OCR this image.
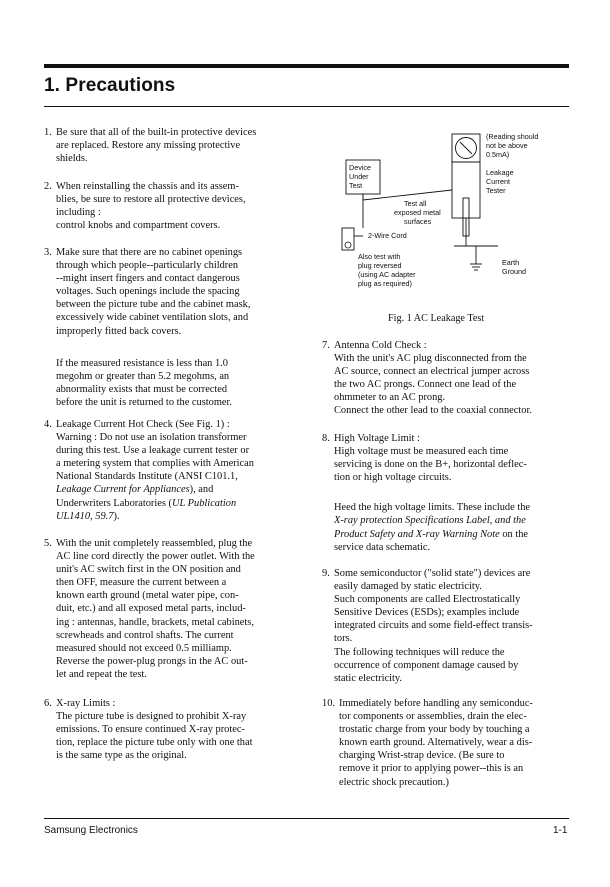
1. Precautions
1. Be sure that all of the built-in protective devices

are replaced. Restore any missing protective

shields.

2. When reinstalling the chassis and its assem-

blies, be sure to restore all protective devices,

including :

control knobs and compartment covers.

3. Make sure that there are no cabinet openings

through which people--particularly children

--might insert fingers and contact dangerous

voltages. Such openings include the spacing

between the picture tube and the cabinet mask,

excessively wide cabinet ventilation slots, and

improperly fitted back covers.

If the measured resistance is less than 1.0

megohm or greater than 5.2 megohms, an

abnormality exists that must be corrected

before the unit is returned to the customer.

4. Leakage Current Hot Check (See Fig. 1) :

Warning : Do not use an isolation transformer

during this test. Use a leakage current tester or

a metering system that complies with American

National Standards Institute (ANSI C101.1,

Leakage Current for Appliances), and

Underwriters Laboratories (UL Publication

UL1410, 59.7).

5. With the unit completely reassembled, plug the

AC line cord directly the power outlet. With the

unit's AC switch first in the ON position and

then OFF, measure the current between a

known earth ground (metal water pipe, con-

duit, etc.) and all exposed metal parts, includ-

ing : antennas, handle, brackets, metal cabinets,

screwheads and control shafts. The current

measured should not exceed 0.5 milliamp.

Reverse the power-plug prongs in the AC out-

let and repeat the test.

6. X-ray Limits :

The picture tube is designed to prohibit X-ray

emissions. To ensure continued X-ray protec-

tion, replace the picture tube only with one that

is the same type as the original.

(Reading should
not be above
0.5mA)
Device
Under
Test
Leakage
Current
Tester
Test all
exposed metal
surfaces
2-Wire Cord
Also test with
plug reversed
(using AC adapter
plug as required)
Earth
Ground
Fig. 1 AC Leakage Test
7. Antenna Cold Check :

With the unit's AC plug disconnected from the

AC source, connect an electrical jumper across

the two AC prongs. Connect one lead of the

ohmmeter to an AC prong.

Connect the other lead to the coaxial connector.

8. High Voltage Limit :

High voltage must be measured each time

servicing is done on the B+, horizontal deflec-

tion or high voltage circuits.

Heed the high voltage limits. These include the

X-ray protection Specifications Label, and the

Product Safety and X-ray Warning Note on the

service data schematic.

9. Some semiconductor ("solid state") devices are

easily damaged by static electricity.

Such components are called Electrostatically

Sensitive Devices (ESDs); examples include

integrated circuits and some field-effect transis-

tors.

The following techniques will reduce the

occurrence of component damage caused by

static electricity.

10. Immediately before handling any semiconduc-

tor components or assemblies, drain the elec-

trostatic charge from your body by touching a

known earth ground. Alternatively, wear a dis-

charging Wrist-strap device. (Be sure to

remove it prior to applying power--this is an

electric shock precaution.)

Samsung Electronics	1-1
